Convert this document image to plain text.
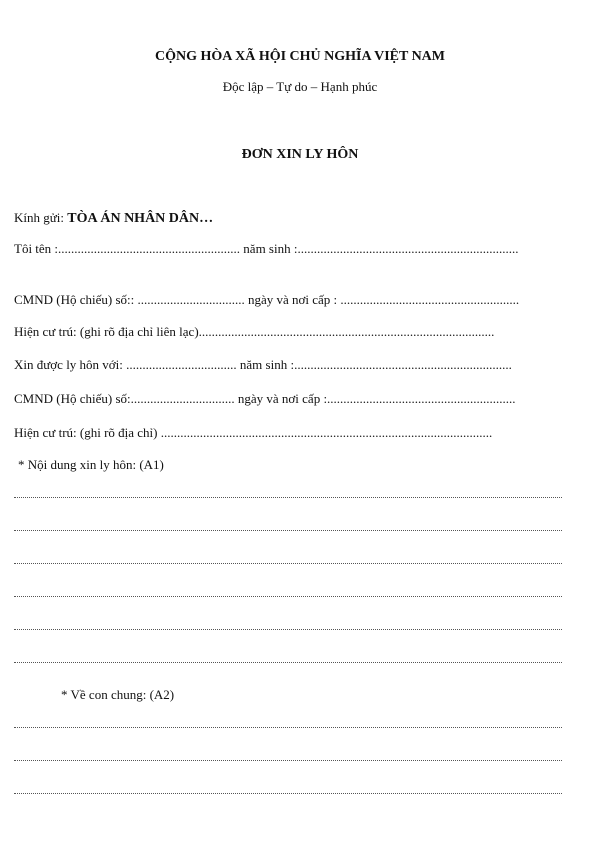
CỘNG HÒA XÃ HỘI CHỦ NGHĨA VIỆT NAM
Độc lập – Tự do – Hạnh phúc
ĐƠN XIN LY HÔN
Kính gửi: TÒA ÁN NHÂN DÂN…
Tôi tên :........................................................ năm sinh :....................................................................
CMND (Hộ chiếu) số:: ................................. ngày và nơi cấp : .......................................................
Hiện cư trú: (ghi rõ địa chỉ liên lạc)...........................................................................................
Xin được ly hôn với: .................................. năm sinh :...................................................................
CMND (Hộ chiếu) số:................................ ngày và nơi cấp :..........................................................
Hiện cư trú: (ghi rõ địa chỉ) ......................................................................................................
* Nội dung xin ly hôn: (A1)
* Về con chung: (A2)
